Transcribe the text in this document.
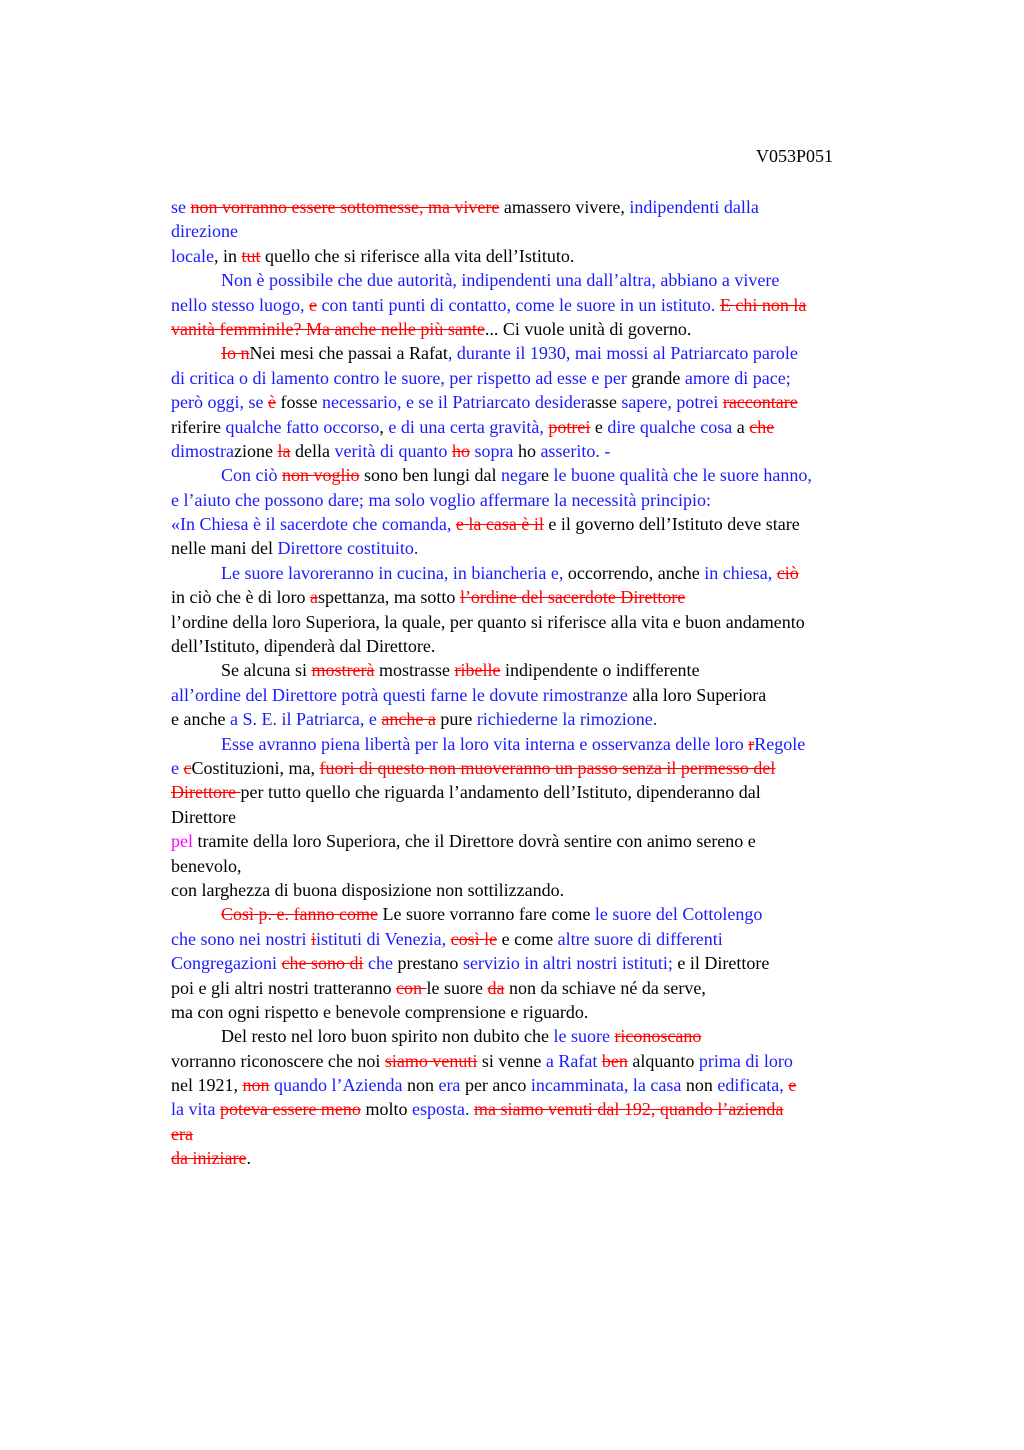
V053P051
se non vorranno essere sottomesse, ma vivere amassero vivere, indipendenti dalla
direzione
locale, in tut quello che si riferisce alla vita dell’Istituto.
Non è possibile che due autorità, indipendenti una dall’altra, abbiano a vivere
nello stesso luogo, e con tanti punti di contatto, come le suore in un istituto. E chi non la
vanità femminile? Ma anche nelle più sante... Ci vuole unità di governo.
Io nNei mesi che passai a Rafat, durante il 1930, mai mossi al Patriarcato parole
di critica o di lamento contro le suore, per rispetto ad esse e per grande amore di pace;
però oggi, se è fosse necessario, e se il Patriarcato desiderasse sapere, potrei raccontare
riferire qualche fatto occorso, e di una certa gravità, potrei e dire qualche cosa a che
dimostrazione la della verità di quanto ho sopra ho asserito. -
Con ciò non voglio sono ben lungi dal negare le buone qualità che le suore hanno,
e l’aiuto che possono dare; ma solo voglio affermare la necessità principio:
«In Chiesa è il sacerdote che comanda, e la casa è il e il governo dell’Istituto deve stare
nelle mani del Direttore costituito.
Le suore lavoreranno in cucina, in biancheria e, occorrendo, anche in chiesa, ciò
in ciò che è di loro aspettanza, ma sotto l’ordine del sacerdote Direttore
l’ordine della loro Superiora, la quale, per quanto si riferisce alla vita e buon andamento
dell’Istituto, dipenderà dal Direttore.
Se alcuna si mostrerà mostrasse ribelle indipendente o indifferente
all’ordine del Direttore potrà questi farne le dovute rimostranze alla loro Superiora
e anche a S. E. il Patriarca, e anche a pure richiederne la rimozione.
Esse avranno piena libertà per la loro vita interna e osservanza delle loro rRegole
e cCostituzioni, ma, fuori di questo non muoveranno un passo senza il permesso del
Direttore per tutto quello che riguarda l’andamento dell’Istituto, dipenderanno dal
Direttore
pel tramite della loro Superiora, che il Direttore dovrà sentire con animo sereno e
benevolo,
con larghezza di buona disposizione non sottilizzando.
Così p. e. fanno come Le suore vorranno fare come le suore del Cottolengo
che sono nei nostri iistituti di Venezia, così le e come altre suore di differenti
Congregazioni che sono di che prestano servizio in altri nostri istituti; e il Direttore
poi e gli altri nostri tratteranno con le suore da non da schiave né da serve,
ma con ogni rispetto e benevole comprensione e riguardo.
Del resto nel loro buon spirito non dubito che le suore riconoscano
vorranno riconoscere che noi siamo venuti si venne a Rafat ben alquanto prima di loro
nel 1921, non quando l’Azienda non era per anco incamminata, la casa non edificata, e
la vita poteva essere meno molto esposta. ma siamo venuti dal 192, quando l’azienda
era
da iniziare.
